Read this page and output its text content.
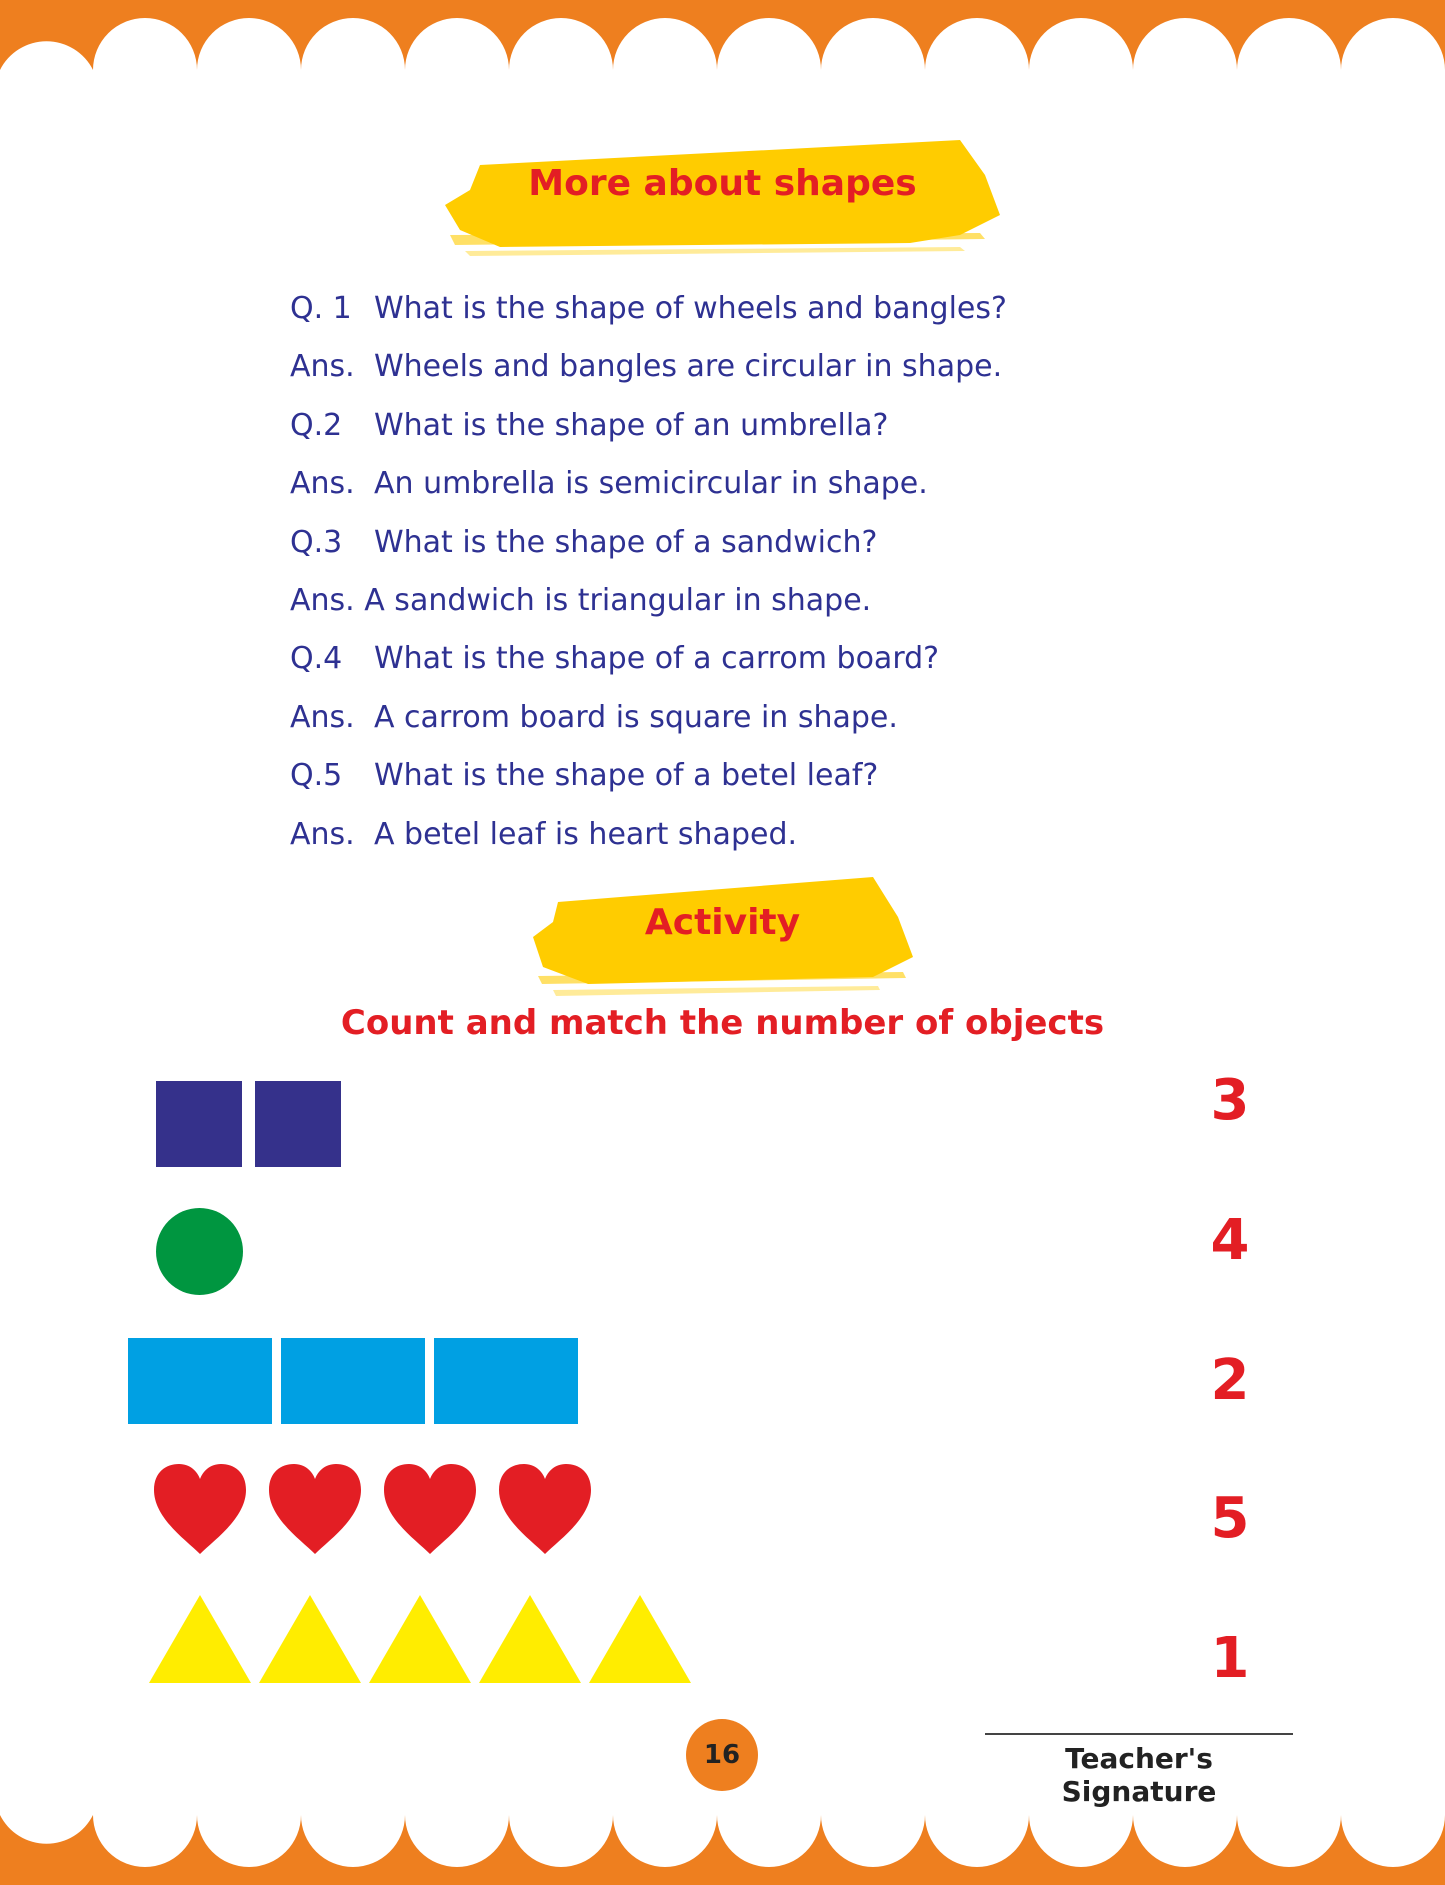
More about shapes
Q. 1 What is the shape of wheels and bangles?
Ans. Wheels and bangles are circular in shape.
Q.2 What is the shape of an umbrella?
Ans. An umbrella is semicircular in shape.
Q.3 What is the shape of a sandwich?
Ans. A sandwich is triangular in shape.
Q.4 What is the shape of a carrom board?
Ans. A carrom board is square in shape.
Q.5 What is the shape of a betel leaf?
Ans. A betel leaf is heart shaped.
Activity
Count and match the number of objects
3
4
2
5
1
16	Teacher's Signature
